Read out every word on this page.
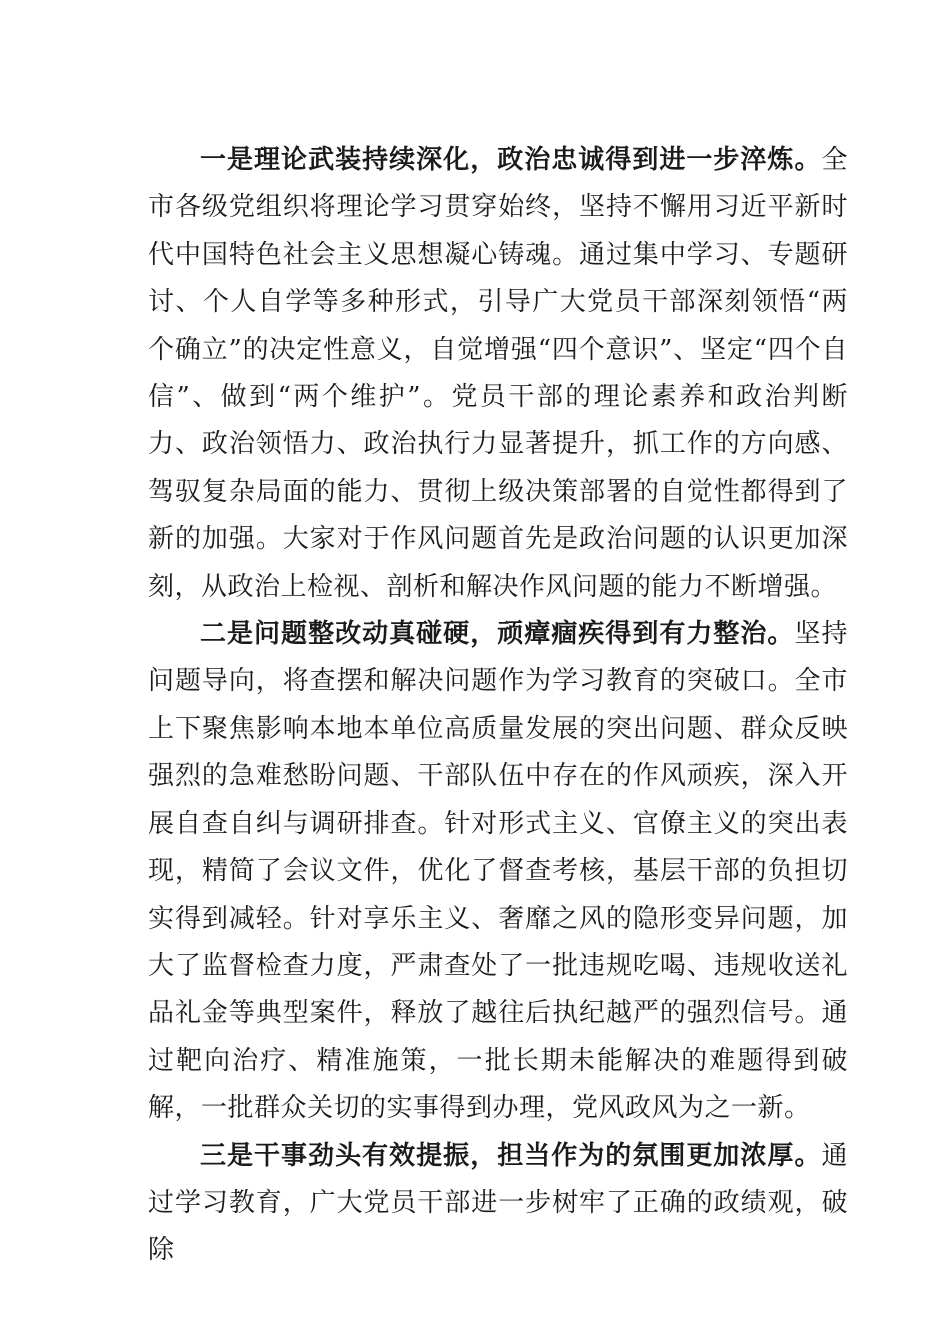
一是理论武装持续深化，政治忠诚得到进一步淬炼。全市各级党组织将理论学习贯穿始终，坚持不懈用习近平新时代中国特色社会主义思想凝心铸魂。通过集中学习、专题研讨、个人自学等多种形式，引导广大党员干部深刻领悟“两个确立”的决定性意义，自觉增强“四个意识”、坚定“四个自信”、做到“两个维护”。党员干部的理论素养和政治判断力、政治领悟力、政治执行力显著提升，抓工作的方向感、驾驭复杂局面的能力、贯彻上级决策部署的自觉性都得到了新的加强。大家对于作风问题首先是政治问题的认识更加深刻，从政治上检视、剖析和解决作风问题的能力不断增强。

二是问题整改动真碰硬，顽瘴痼疾得到有力整治。坚持问题导向，将查摆和解决问题作为学习教育的突破口。全市上下聚焦影响本地本单位高质量发展的突出问题、群众反映强烈的急难愁盼问题、干部队伍中存在的作风顽疾，深入开展自查自纠与调研排查。针对形式主义、官僚主义的突出表现，精简了会议文件，优化了督查考核，基层干部的负担切实得到减轻。针对享乐主义、奢靡之风的隐形变异问题，加大了监督检查力度，严肃查处了一批违规吃喝、违规收送礼品礼金等典型案件，释放了越往后执纪越严的强烈信号。通过靶向治疗、精准施策，一批长期未能解决的难题得到破解，一批群众关切的实事得到办理，党风政风为之一新。

三是干事劲头有效提振，担当作为的氛围更加浓厚。通过学习教育，广大党员干部进一步树牢了正确的政绩观，破除
